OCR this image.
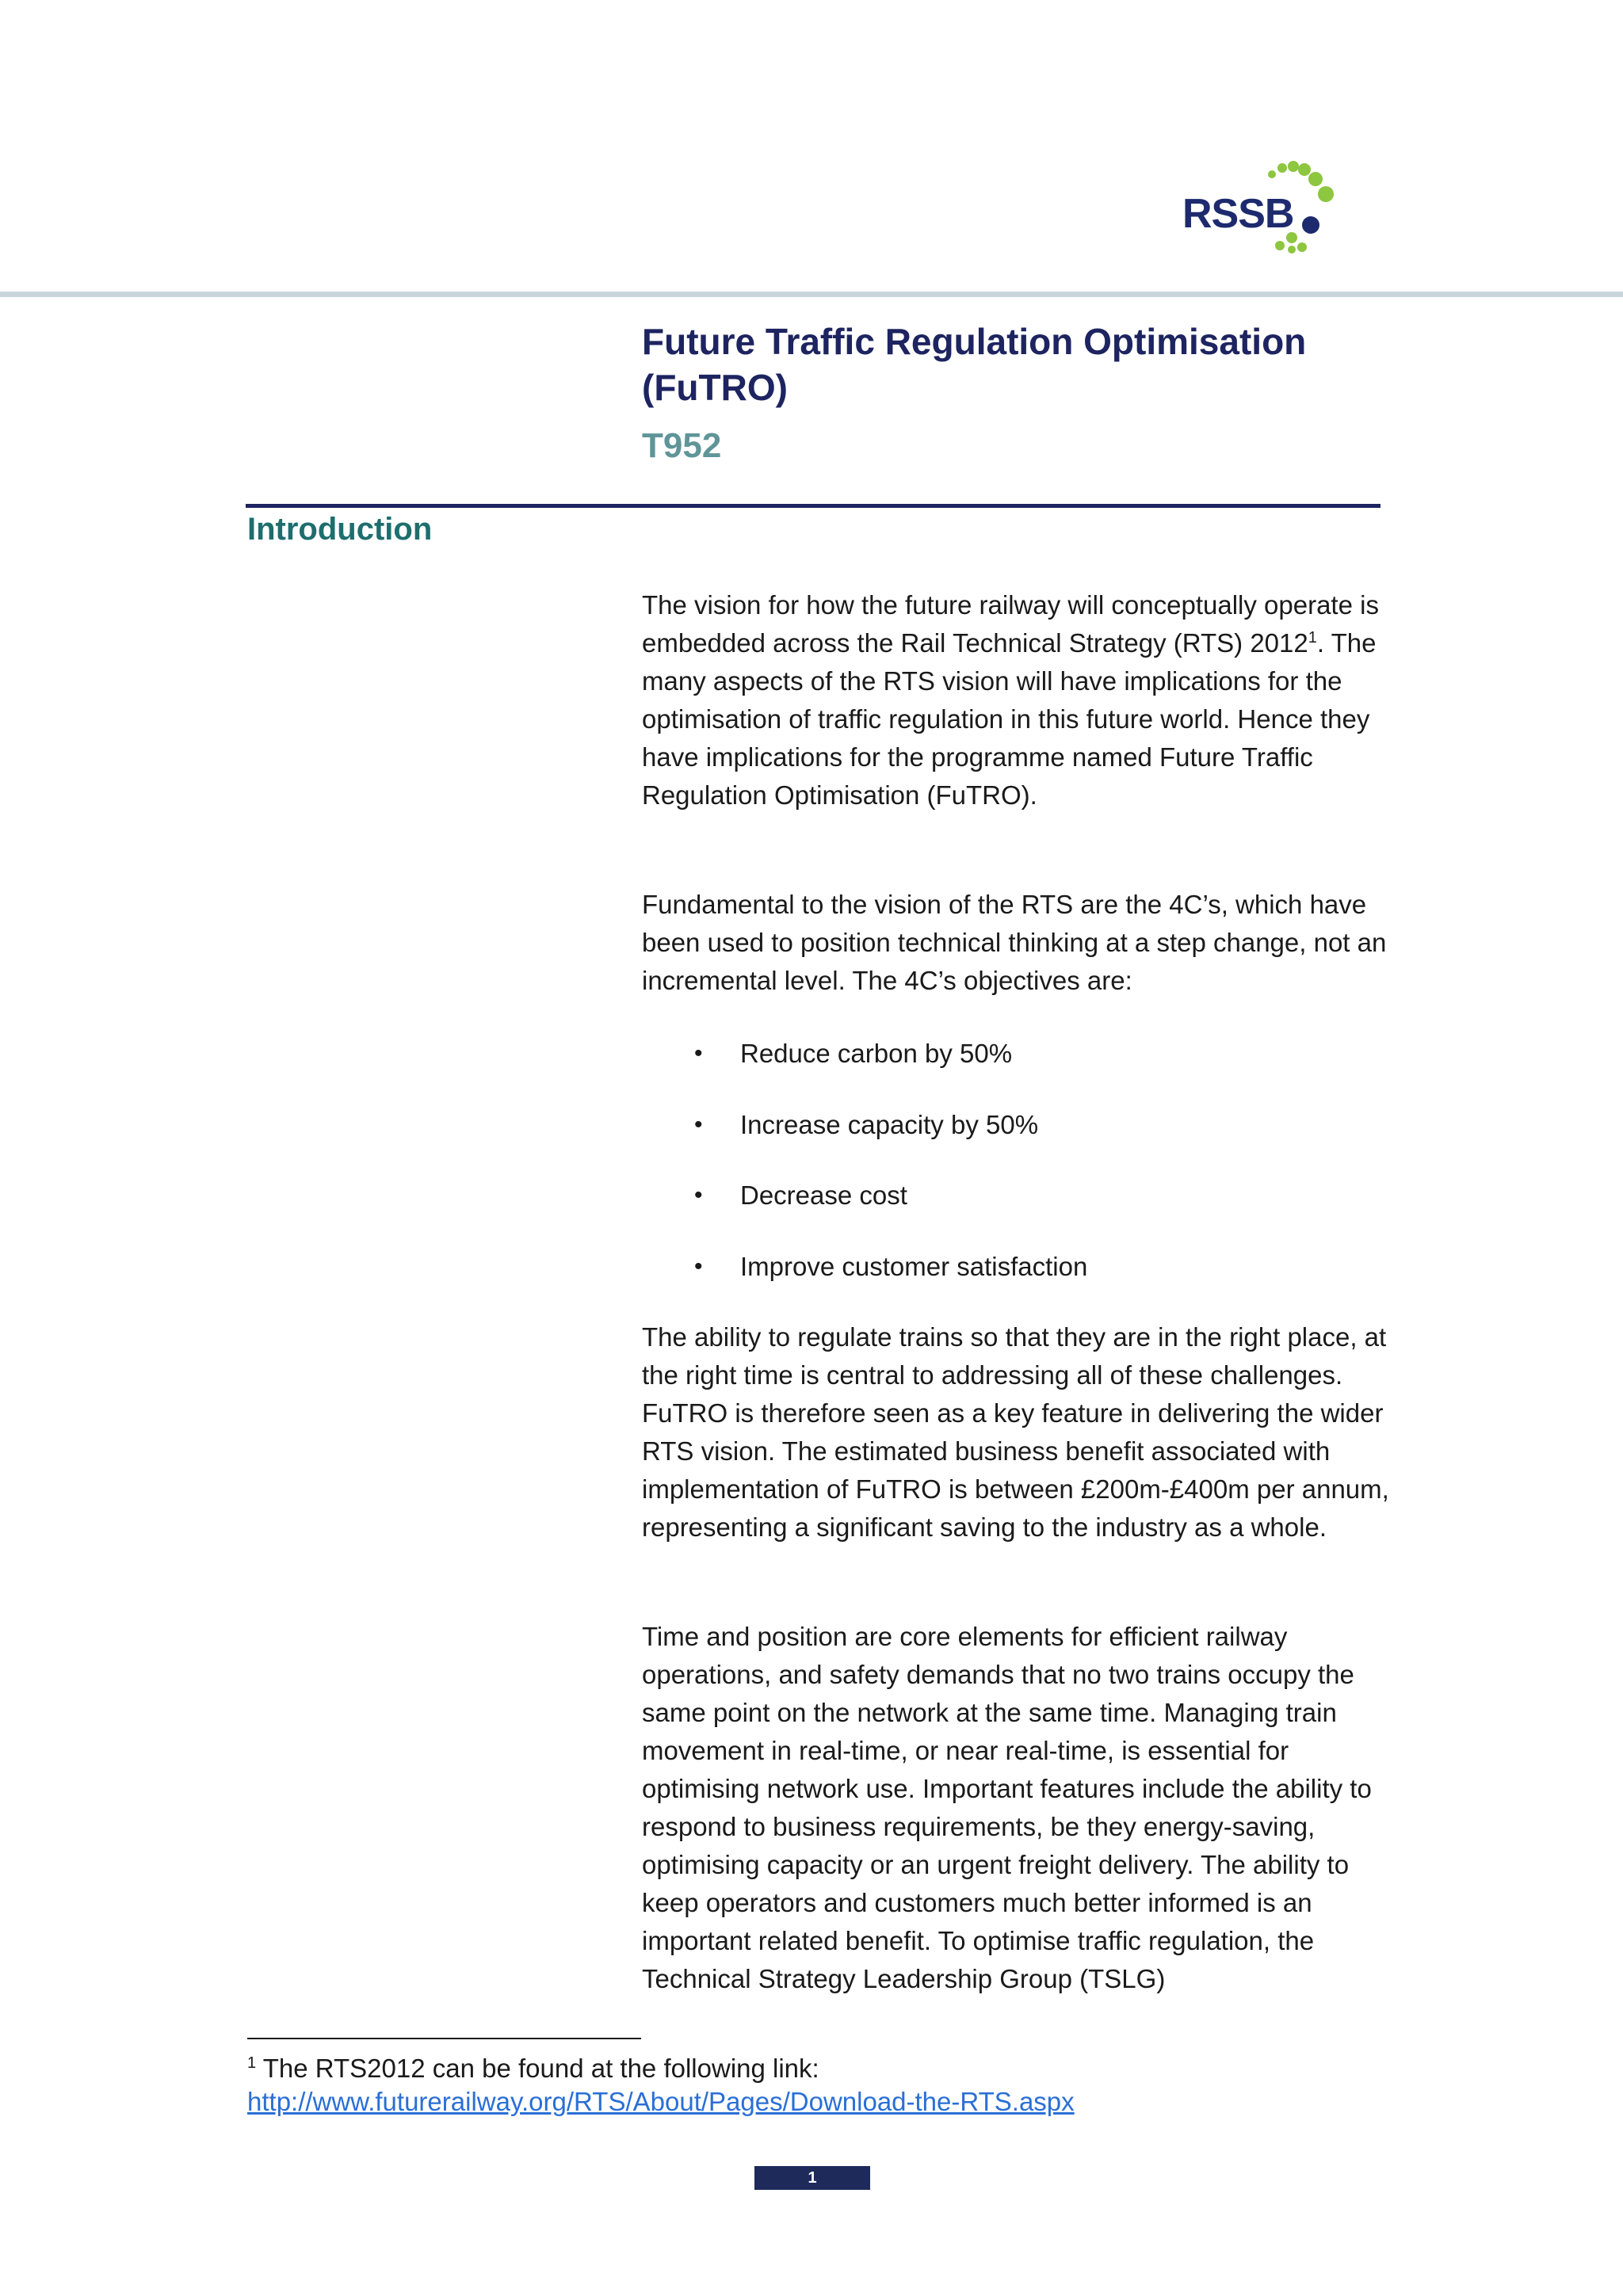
RSSB
Future Traffic Regulation Optimisation (FuTRO)
T952
Introduction
The vision for how the future railway will conceptually operate is embedded across the Rail Technical Strategy (RTS) 2012$^1$. The many aspects of the RTS vision will have implications for the optimisation of traffic regulation in this future world. Hence they have implications for the programme named Future Traffic Regulation Optimisation (FuTRO).
Fundamental to the vision of the RTS are the 4C’s, which have been used to position technical thinking at a step change, not an incremental level. The 4C’s objectives are:
• Reduce carbon by 50%
• Increase capacity by 50%
• Decrease cost
• Improve customer satisfaction
The ability to regulate trains so that they are in the right place, at the right time is central to addressing all of these challenges. FuTRO is therefore seen as a key feature in delivering the wider RTS vision. The estimated business benefit associated with implementation of FuTRO is between £200m-£400m per annum, representing a significant saving to the industry as a whole.
Time and position are core elements for efficient railway operations, and safety demands that no two trains occupy the same point on the network at the same time. Managing train movement in real-time, or near real-time, is essential for optimising network use. Important features include the ability to respond to business requirements, be they energy-saving, optimising capacity or an urgent freight delivery. The ability to keep operators and customers much better informed is an important related benefit. To optimise traffic regulation, the Technical Strategy Leadership Group (TSLG)
$^1$ The RTS2012 can be found at the following link:
http://www.futurerailway.org/RTS/About/Pages/Download-the-RTS.aspx
1
